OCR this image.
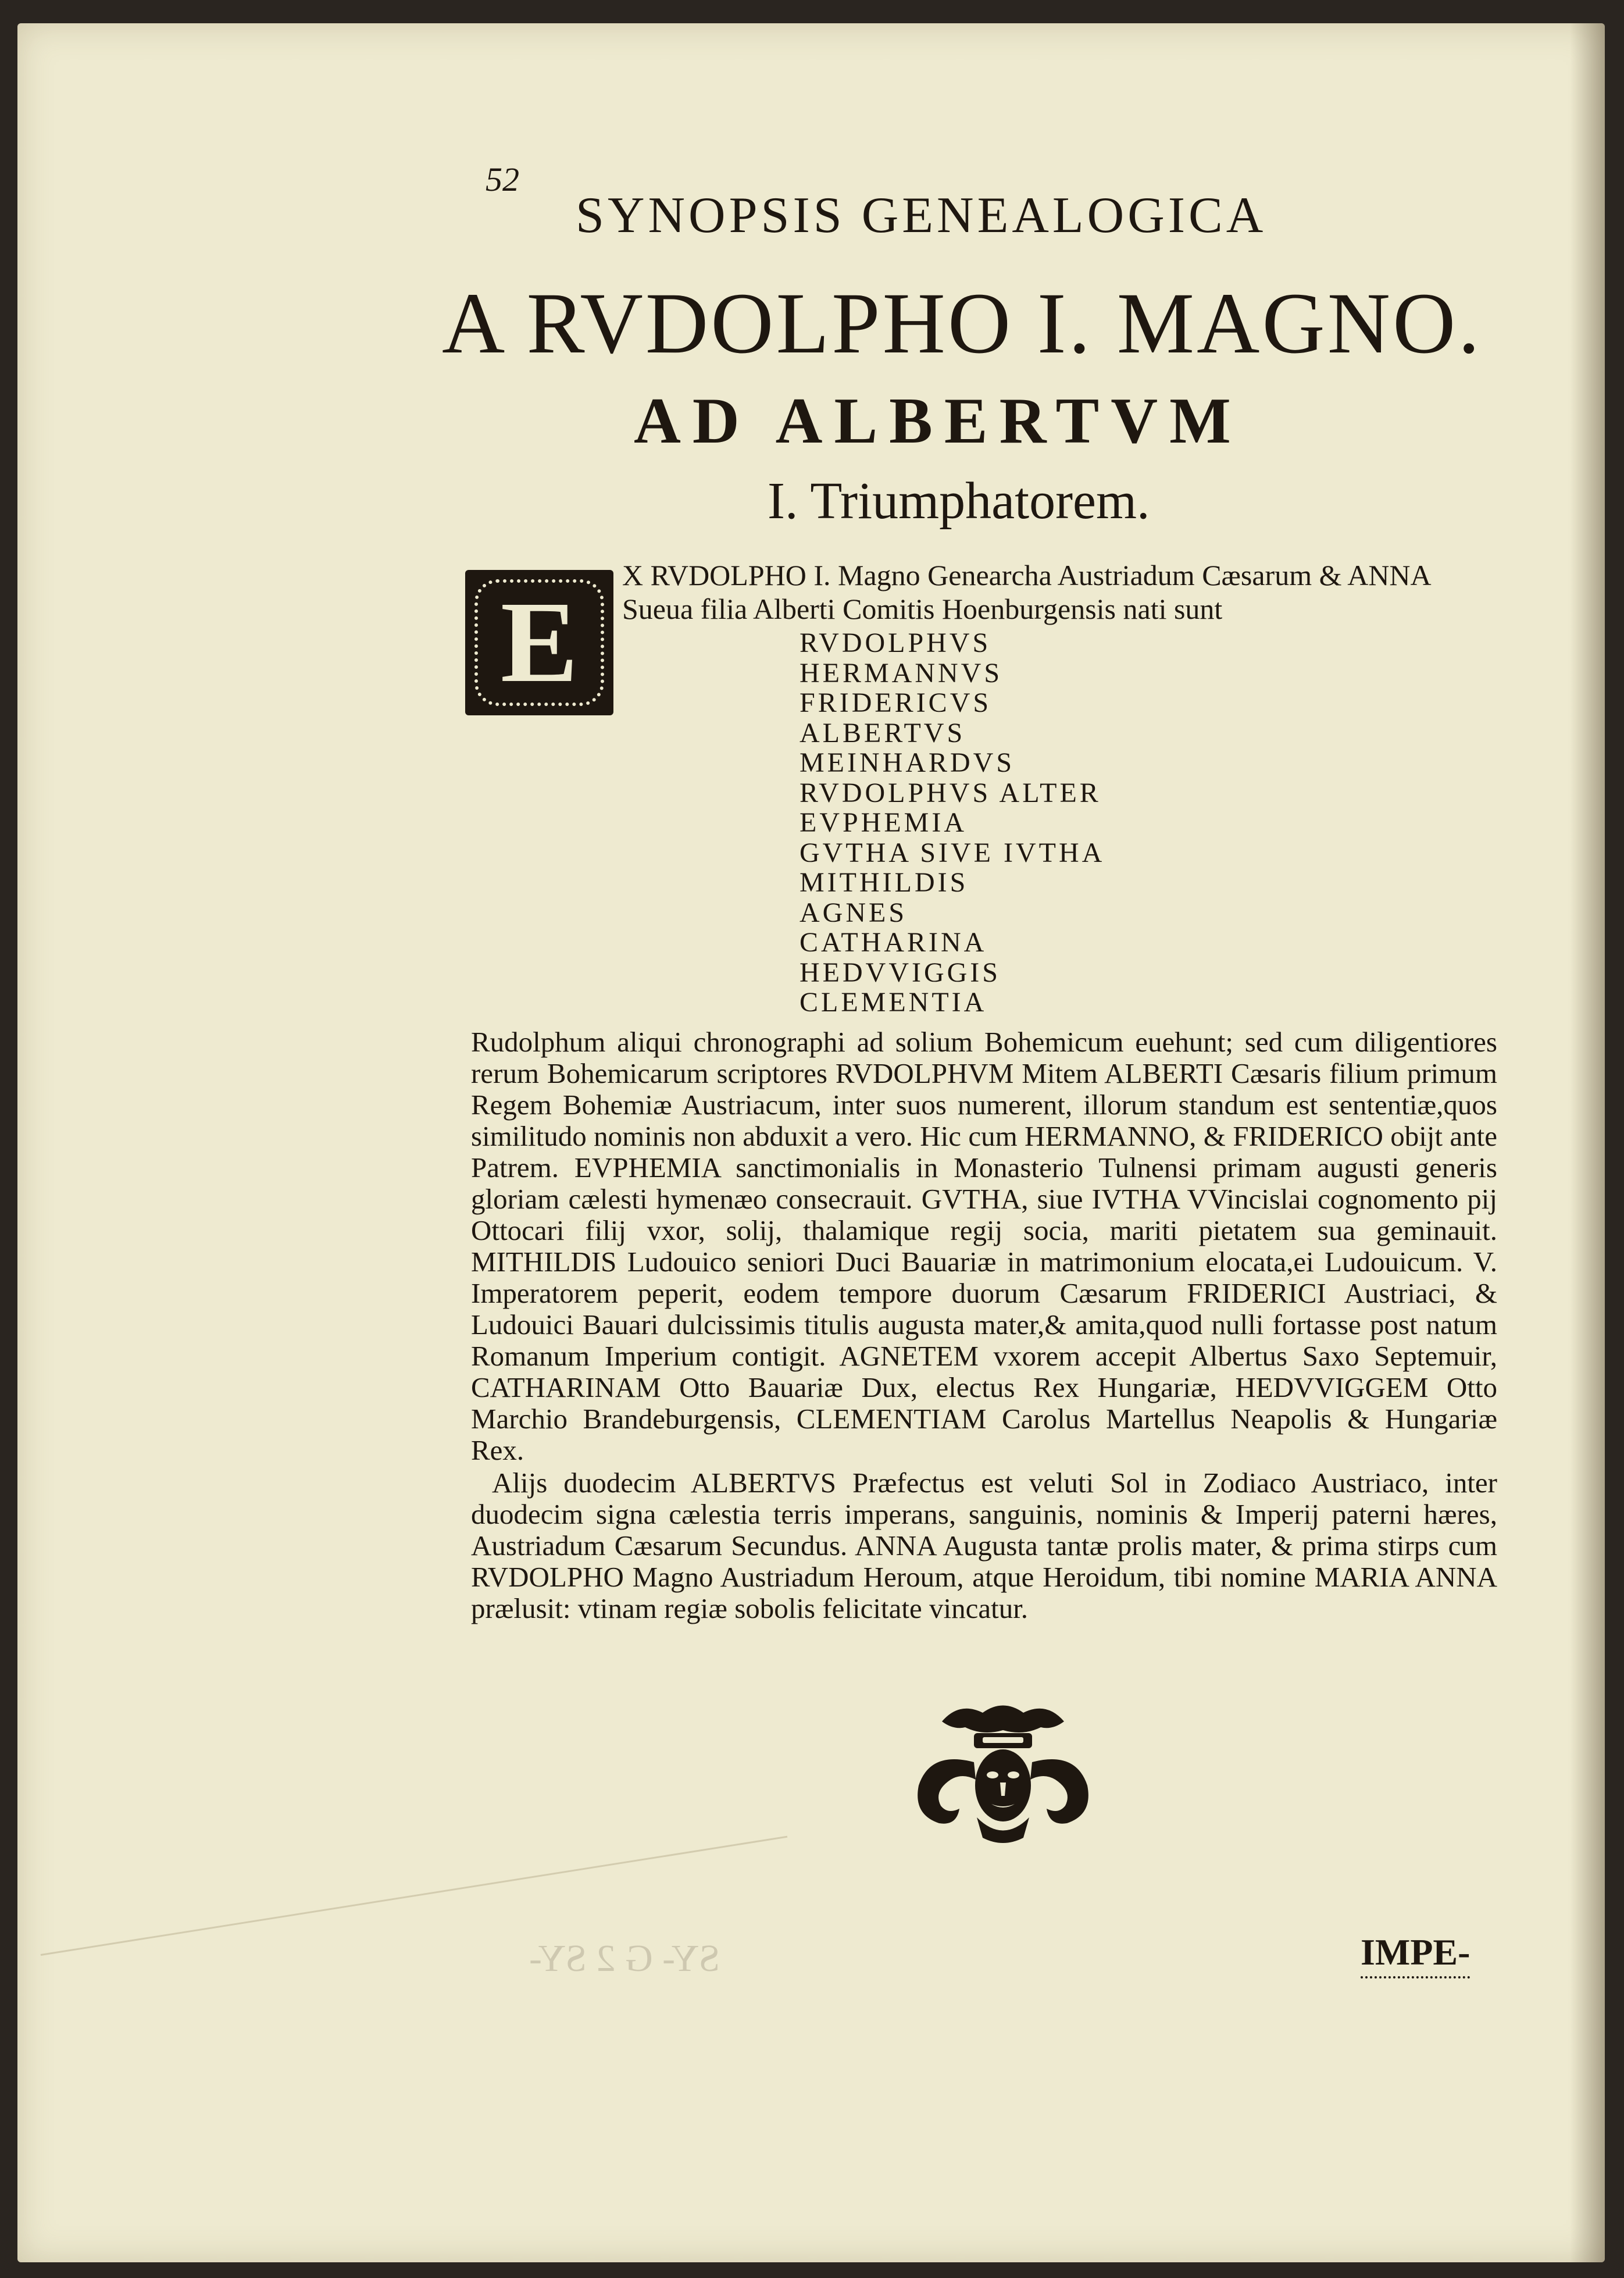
52
SYNOPSIS GENEALOGICA
A RVDOLPHO I. MAGNO.
AD ALBERTVM
I. Triumphatorem.
E
X RVDOLPHO I. Magno Genearcha Austriadum Cæsarum & ANNA Sueua filia Alberti Comitis Hoenburgensis nati sunt
RVDOLPHVS
HERMANNVS
FRIDERICVS
ALBERTVS
MEINHARDVS
RVDOLPHVS ALTER
EVPHEMIA
GVTHA SIVE IVTHA
MITHILDIS
AGNES
CATHARINA
HEDVVIGGIS
CLEMENTIA

Rudolphum aliqui chronographi ad solium Bohemicum euehunt; sed cum diligentiores rerum Bohemicarum scriptores RVDOLPHVM Mitem ALBERTI Cæsaris filium primum Regem Bohemiæ Austriacum, inter suos numerent, illorum standum est sententiæ,quos similitudo nominis non abduxit a vero. Hic cum HERMANNO, & FRIDERICO obijt ante Patrem. EVPHEMIA sanctimonialis in Monasterio Tulnensi primam augusti generis gloriam cælesti hymenæo consecrauit. GVTHA, siue IVTHA VVincislai cognomento pij Ottocari filij vxor, solij, thalamique regij socia, mariti pietatem sua geminauit. MITHILDIS Ludouico seniori Duci Bauariæ in matrimonium elocata,ei Ludouicum. V. Imperatorem peperit, eodem tempore duorum Cæsarum FRIDERICI Austriaci, & Ludouici Bauari dulcissimis titulis augusta mater,& amita,quod nulli fortasse post natum Romanum Imperium contigit. AGNETEM vxorem accepit Albertus Saxo Septemuir, CATHARINAM Otto Bauariæ Dux, electus Rex Hungariæ, HEDVVIGGEM Otto Marchio Brandeburgensis, CLEMENTIAM Carolus Martellus Neapolis & Hungariæ Rex.

Alijs duodecim ALBERTVS Præfectus est veluti Sol in Zodiaco Austriaco, inter duodecim signa cælestia terris imperans, sanguinis, nominis & Imperij paterni hæres, Austriadum Cæsarum Secundus. ANNA Augusta tantæ prolis mater, & prima stirps cum RVDOLPHO Magno Austriadum Heroum, atque Heroidum, tibi nomine MARIA ANNA prælusit: vtinam regiæ sobolis felicitate vincatur.

SY- G 2 SY-	IMPE-
